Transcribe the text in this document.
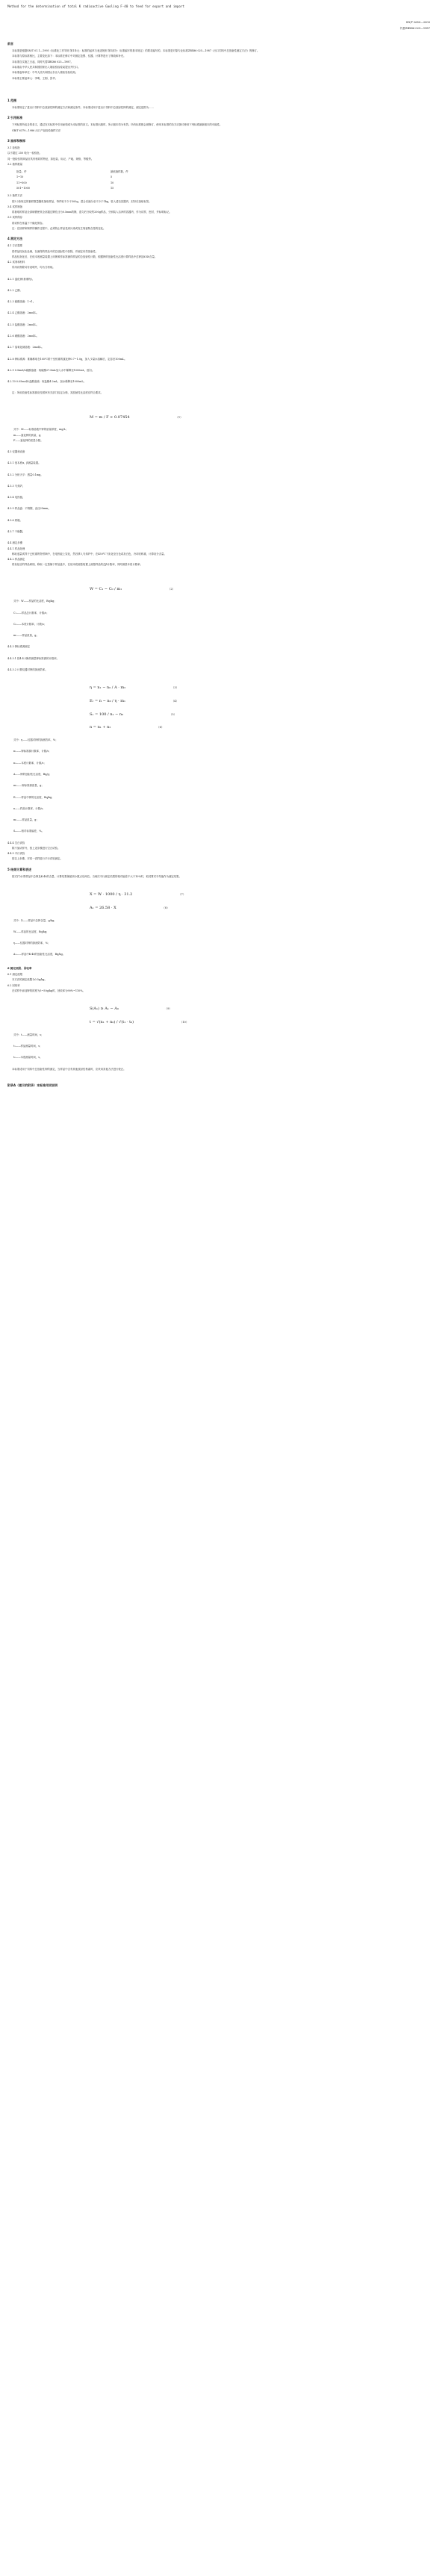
Method for the determination of total K radioactive Gaoling F-40 to feed for export and import
SN/T 0650—2000
代替ZBX86 025—1987
前言

本标准是根据SN/T 01.1—1995《标准化工作导则 第1单元：标准的起草与表述规则 第1部分：标准编写的基本规定》的要求编写的。本标准是对原专业标准ZBX86 025—1987《出口饲料中总放射性测定方法》的修订。

本标准与原标准相比，主要变化如下：本标准在修订中对测定范围、仪器、计算等进行了修改和补充。

本标准自实施之日起，同时代替ZBX86 025—1987。

本标准由中华人民共和国国家出入境检验检疫局提出并归口。

本标准起草单位：中华人民共和国山东出入境检验检疫局。

本标准主要起草人：李明、王刚、张华。

1 范围

本标准规定了进出口饲料中总放射性钾的测定方法和测定条件。本标准适用于进出口饲料中总放射性钾的测定，测定范围为……

2 引用标准

下列标准所包含的条文，通过在本标准中引用而构成为本标准的条文。本标准出版时，所示版本均为有效。所有标准都会被修订，使用本标准的各方应探讨使用下列标准最新版本的可能性。

GB/T 6379—1986 出口产品检验抽样方法

3 抽样和制样
3.1 检验批
以不超过 250 吨为一检验批。
同一批检验的商品应具有相同的特征，如包装、标记、产地、规格、等级等。
3.2 抽样数量
批量，件	最低抽样数，件
1~10	5
11~500	10
501~1000	15
3.3 抽样方法

按3.2条规定的抽样数量随机抽取样品，每件取不少于300g，混合后缩分至不少于1kg，装入清洁容器内，封好后加贴标签。

3.4 试样制备

将抽取的样品全部研磨使其全部通过筛孔径为0.5mm的筛，混匀后分取约200g样品，分别装入洁净的容器内，作为试样，密封，并标明标记。

3.5 试样保存

将试样在常温下干燥处保存。

注：在抽样和制样的操作过程中，必须防止样品受到污染或发生残留物含量的变化。

4 测定方法
4.1 方法提要

将样品经灰化处理，在测得的样品中的总放射性中扣除，并测定有效放射性。

样品经灰化后，在低本底测量装置上用钾源作标准测得样品的总放射性计数，根据钾的放射性比活度计算样品中总钾及K-40含量。

4.2 试剂和材料

所用试剂除另有说明外，均为分析纯。

4.2.1 氯化钾(基准物)。
4.2.2 乙醇。
4.2.3 硫酸溶液：1+1。
4.2.4 乙酸溶液：2mol/L。
4.2.5 盐酸溶液：2mol/L。
4.2.6 硝酸溶液：2mol/L。
4.2.7 氢氧化钠溶液：2mol/L。
4.2.8 钾标准源：准确称取在105℃烘干至恒重的氯化钾0.7~1.0g，加入少量水溶解后，定容至100mL。
4.2.9 0.5mol/L硫酸溶液：取硫酸27.8mL加入水中稀释至1000mL，摇匀。
4.2.10 0.05mol/L盐酸溶液：取盐酸4.2mL，加水稀释至1000mL。

注：所用放射性标准源应经国家有关部门检定合格，其放射性比活度应符合要求。

M = m / F × 0.07454	（1）
式中：M——标准溶液中钾的质量浓度，mg/L；
m——氯化钾的质量，g；
F——氯化钾的质量分数。
4.3 仪器和设备
4.3.1 低本底α、β测量装置。
4.3.2 分析天平：感量0.1mg。
4.3.3 马弗炉。
4.3.4 电热板。
4.3.5 样品盘：不锈钢，直径25mm。
4.3.6 烘箱。
4.3.7 干燥器。
4.4 测定步骤
4.4.1 样品处理

称取适量试样于已恒重的瓷坩埚中，在电热板上炭化，然后移入马弗炉中，在450℃下灰化至白色或灰白色，冷却后称重，计算灰分含量。

4.4.2 样品测定

将灰化后的样品研细，称取一定量铺于样品盘中，在低本底测量装置上测量样品的总β计数率，同时测量本底计数率。

W = C₁ − C₀ / m₁	（2）
式中：W——样品的比活度，Bq/kg；
C₁——样品总计数率，计数/s；
C₀——本底计数率，计数/s；
m₁——样品质量，g。
4.4.3 钾标准源测定
4.4.3.1 按4.4.2操作测量钾标准源的计数率。
4.4.3.2 计算仪器对钾的探测效率。
η = n₁ − n₀ / A · m₂	（3）
Eᵣ = n − n₀ / η · m₁	（4）
Sₓ = 100 / n₁ − n₀	（5）
n = n₁ + n₂	（6）
式中：η——仪器对钾的探测效率，%；
n₁——钾标准源计数率，计数/s；
n₀——本底计数率，计数/s；
A——钾的放射性比活度，Bq/g；
m₂——钾标准源质量，g；
Eᵣ——样品中钾的比活度，Bq/kg；
n——样品计数率，计数/s；
m₁——样品质量，g；
Sₓ——相对标准偏差，%。
4.4.4 空白试验

除不加试样外，按上述步骤进行空白试验。

4.4.5 平行试验

按以上步骤，对同一试样进行平行试验测定。

5 结果计算和表述

按式(7)计算样品中总钾及K-40的含量，计算结果保留到小数点后两位。当两次平行测定结果的相对偏差不大于10%时，取其算术平均值作为测定结果。

X = W · 1000 / η · 31.2	（7）
A₁ = 26.58 · X	（8）
式中：X——样品中总钾含量，g/kg；
W——样品的比活度，Bq/kg；
η——仪器对钾的探测效率，%；
A₁——样品中K-40的放射性比活度，Bq/kg。
6 测定低限、回收率
6.1 测定低限

本方法的测定低限为0.5g/kg。

6.2 回收率

在试样中添加钾的浓度为5~50g/kg时，回收率为90%~110%。

S(A₁) ≥ A₁ − A₀	（9）
t = √(n₁ + n₀) / √(t₁ · t₀)	（10）
式中：t——测量时间，s；
t₁——样品测量时间，s；
t₀——本底测量时间，s。

本标准适用于饲料中总放射性钾的测定，当样品中含有其他放射性核素时，应采用其他方法进行校正。

附录A（提示的附录）本标准用词说明
